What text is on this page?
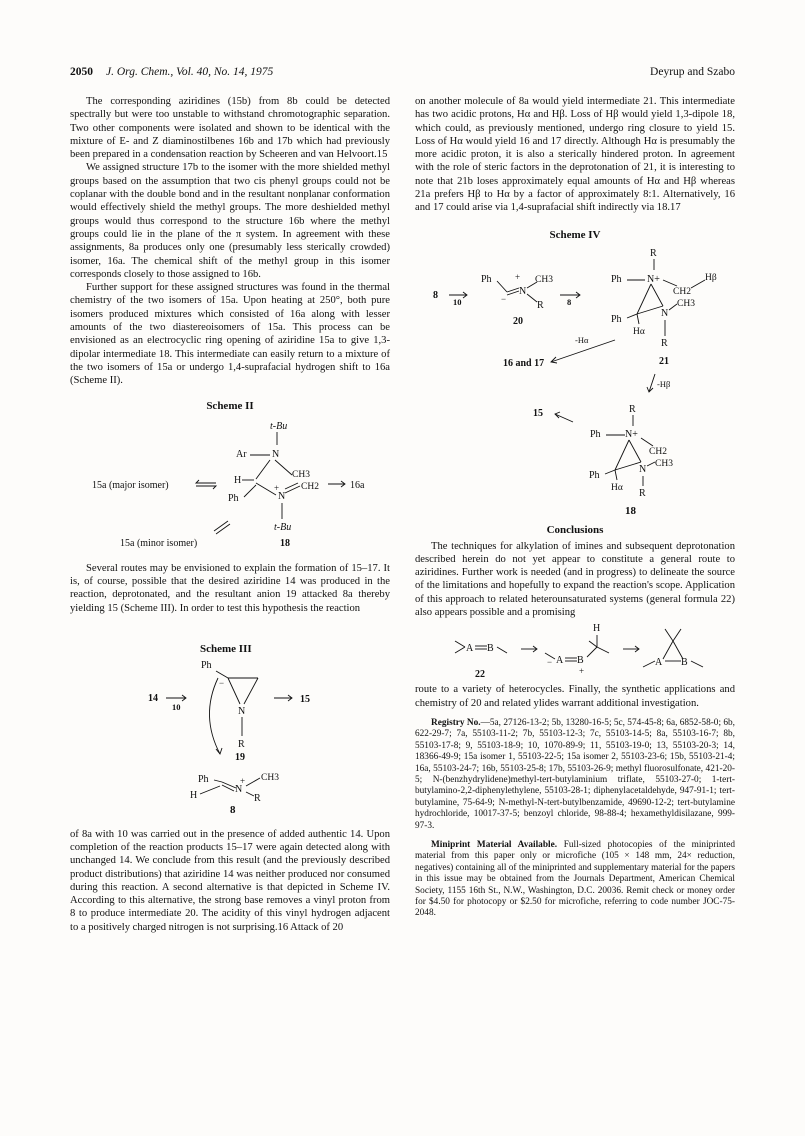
2050 J. Org. Chem., Vol. 40, No. 14, 1975	Deyrup and Szabo

The corresponding aziridines (15b) from 8b could be detected spectrally but were too unstable to withstand chromotographic separation. Two other components were isolated and shown to be identical with the mixture of E- and Z diaminostilbenes 16b and 17b which had previously been prepared in a condensation reaction by Scheeren and van Helvoort.15

We assigned structure 17b to the isomer with the more shielded methyl groups based on the assumption that two cis phenyl groups could not be coplanar with the double bond and in the resultant nonplanar conformation would effectively shield the methyl groups. The more deshielded methyl groups would thus correspond to the structure 16b where the methyl groups could lie in the plane of the π system. In agreement with these assignments, 8a produces only one (presumably less sterically crowded) isomer, 16a. The chemical shift of the methyl group in this isomer corresponds closely to those assigned to 16b.

Further support for these assigned structures was found in the thermal chemistry of the two isomers of 15a. Upon heating at 250°, both pure isomers produced mixtures which consisted of 16a along with lesser amounts of the two diastereoisomers of 15a. This process can be envisioned as an electrocyclic ring opening of aziridine 15a to give 1,3-dipolar intermediate 18. This intermediate can easily return to a mixture of the two isomers of 15a or undergo 1,4-suprafacial hydrogen shift to 16a (Scheme II).

Scheme II

t-Bu
Ar	N
H	CH3
CH2
+
N
Ph
t-Bu
15a (major isomer)	16a
15a (minor isomer)	18

Several routes may be envisioned to explain the formation of 15–17. It is, of course, possible that the desired aziridine 14 was produced in the reaction, deprotonated, and the resultant anion 19 attacked 8a thereby yielding 15 (Scheme III). In order to test this hypothesis the reaction

Scheme III

Ph
−
N
R
14
10
15
19
Ph	+
N
CH3
H	R

8

of 8a with 10 was carried out in the presence of added authentic 14. Upon completion of the reaction products 15–17 were again detected along with unchanged 14. We conclude from this result (and the previously described product distributions) that aziridine 14 was neither produced nor consumed during this reaction. A second alternative is that depicted in Scheme IV. According to this alternative, the strong base removes a vinyl proton from 8 to produce intermediate 20. The acidity of this vinyl hydrogen adjacent to a positively charged nitrogen is not surprising.16 Attack of 20

on another molecule of 8a would yield intermediate 21. This intermediate has two acidic protons, Hα and Hβ. Loss of Hβ would yield 1,3-dipole 18, which could, as previously mentioned, undergo ring closure to yield 15. Loss of Hα would yield 16 and 17 directly. Although Hα is presumably the more acidic proton, it is also a sterically hindered proton. In agreement with the role of steric factors in the deprotonation of 21, it is interesting to note that 21b loses approximately equal amounts of Hα and Hβ whereas 21a prefers Hβ to Hα by a factor of approximately 8:1. Alternatively, 16 and 17 could arise via 1,4-suprafacial shift indirectly via 18.17

Scheme IV

8
10
Ph	+ CH3
N
−
R
20
8
R
Ph	N+
CH2
Hβ
CH3
N
Ph
Hα
R
-Hα
16 and 17	21
-Hβ
15	R
Ph N+
CH2
CH3
N
Ph
Hα R

18

Conclusions

The techniques for alkylation of imines and subsequent deprotonation described herein do not yet appear to constitute a general route to aziridines. Further work is needed (and in progress) to delineate the source of the limitations and hopefully to expand the reaction's scope. Application of this approach to related heterounsaturated systems (general formula 22) also appears possible and a promising

A B
22
− A B
+
H
A B

route to a variety of heterocycles. Finally, the synthetic applications and chemistry of 20 and related ylides warrant additional investigation.

Registry No.—5a, 27126-13-2; 5b, 13280-16-5; 5c, 574-45-8; 6a, 6852-58-0; 6b, 622-29-7; 7a, 55103-11-2; 7b, 55103-12-3; 7c, 55103-14-5; 8a, 55103-16-7; 8b, 55103-17-8; 9, 55103-18-9; 10, 1070-89-9; 11, 55103-19-0; 13, 55103-20-3; 14, 18366-49-9; 15a isomer 1, 55103-22-5; 15a isomer 2, 55103-23-6; 15b, 55103-21-4; 16a, 55103-24-7; 16b, 55103-25-8; 17b, 55103-26-9; methyl fluorosulfonate, 421-20-5; N-(benzhydrylidene)methyl-tert-butylaminium triflate, 55103-27-0; 1-tert-butylamino-2,2-diphenylethylene, 55103-28-1; diphenylacetaldehyde, 947-91-1; tert-butylamine, 75-64-9; N-methyl-N-tert-butylbenzamide, 49690-12-2; tert-butylamine hydrochloride, 10017-37-5; benzoyl chloride, 98-88-4; hexamethyldisilazane, 999-97-3.

Miniprint Material Available. Full-sized photocopies of the miniprinted material from this paper only or microfiche (105 × 148 mm, 24× reduction, negatives) containing all of the miniprinted and supplementary material for the papers in this issue may be obtained from the Journals Department, American Chemical Society, 1155 16th St., N.W., Washington, D.C. 20036. Remit check or money order for $4.50 for photocopy or $2.50 for microfiche, referring to code number JOC-75-2048.
